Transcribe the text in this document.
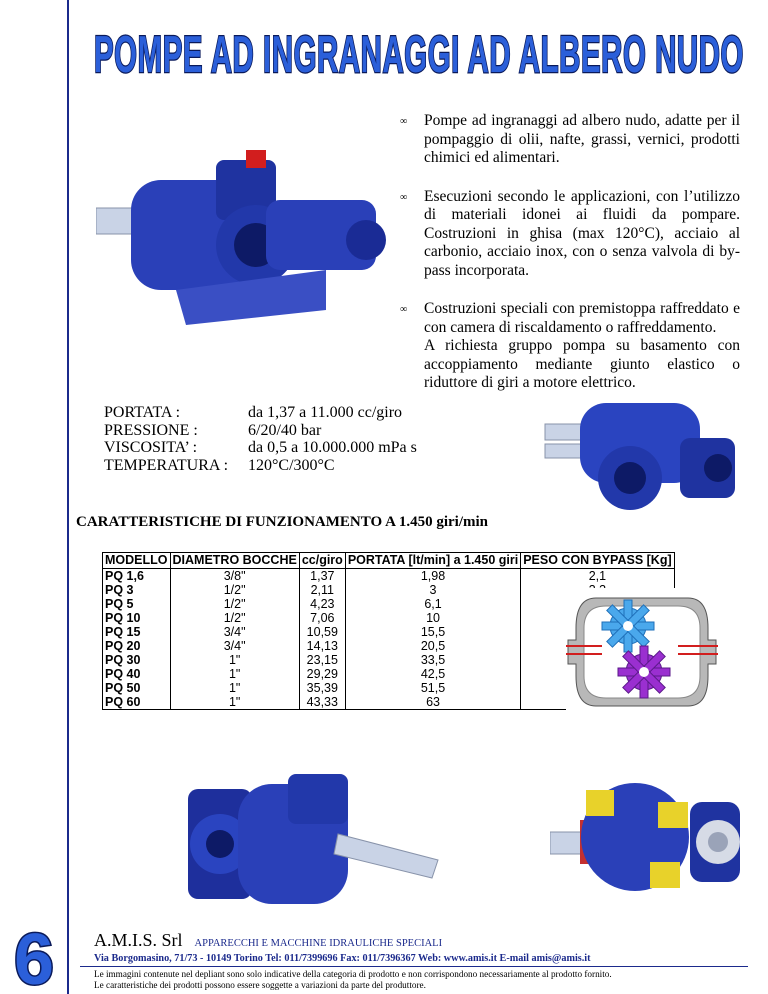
POMPE AD INGRANAGGI AD ALBERO NUDO
∞	Pompe ad ingranaggi ad albero nudo, adatte per il pompaggio di olii, nafte, grassi, vernici, prodotti chimici ed alimentari.

∞	Esecuzioni secondo le applicazioni, con l’utilizzo di materiali idonei ai fluidi da pompare. Costruzioni in ghisa (max 120°C), acciaio al carbonio, acciaio inox, con o senza valvola di by-pass incorporata.

∞	Costruzioni speciali con premistoppa raffreddato e con camera di riscaldamento o raffreddamento.

A richiesta gruppo pompa su basamento con accoppiamento mediante giunto elastico o riduttore di giri a motore elettrico.

PORTATA :	da 1,37 a 11.000 cc/giro
PRESSIONE :	6/20/40 bar
VISCOSITA’ :	da 0,5 a 10.000.000 mPa s
TEMPERATURA :	120°C/300°C
CARATTERISTICHE DI FUNZIONAMENTO A 1.450 giri/min
MODELLO	DIAMETRO BOCCHE	cc/giro	PORTATA [lt/min] a 1.450 giri	PESO CON BYPASS [Kg]
PQ 1,6	3/8"	1,37	1,98	2,1
PQ 3	1/2"	2,11	3	
PQ 5	1/2"	4,23	6,1	
PQ 10	1/2"	7,06	10	
PQ 15	3/4"	10,59	15,5	
PQ 20	3/4"	14,13	20,5	
PQ 30	1"	23,15	33,5	
PQ 40	1"	29,29	42,5	
PQ 50	1"	35,39	51,5	
PQ 60	1"	43,33	63	
6 A.M.I.S. Srl APPARECCHI E MACCHINE IDRAULICHE SPECIALI
Via Borgomasino, 71/73 - 10149 Torino Tel: 011/7399696 Fax: 011/7396367 Web: www.amis.it E-mail amis@amis.it
Le immagini contenute nel depliant sono solo indicative della categoria di prodotto e non corrispondono necessariamente al prodotto fornito.
Le caratteristiche dei prodotti possono essere soggette a variazioni da parte del produttore.
